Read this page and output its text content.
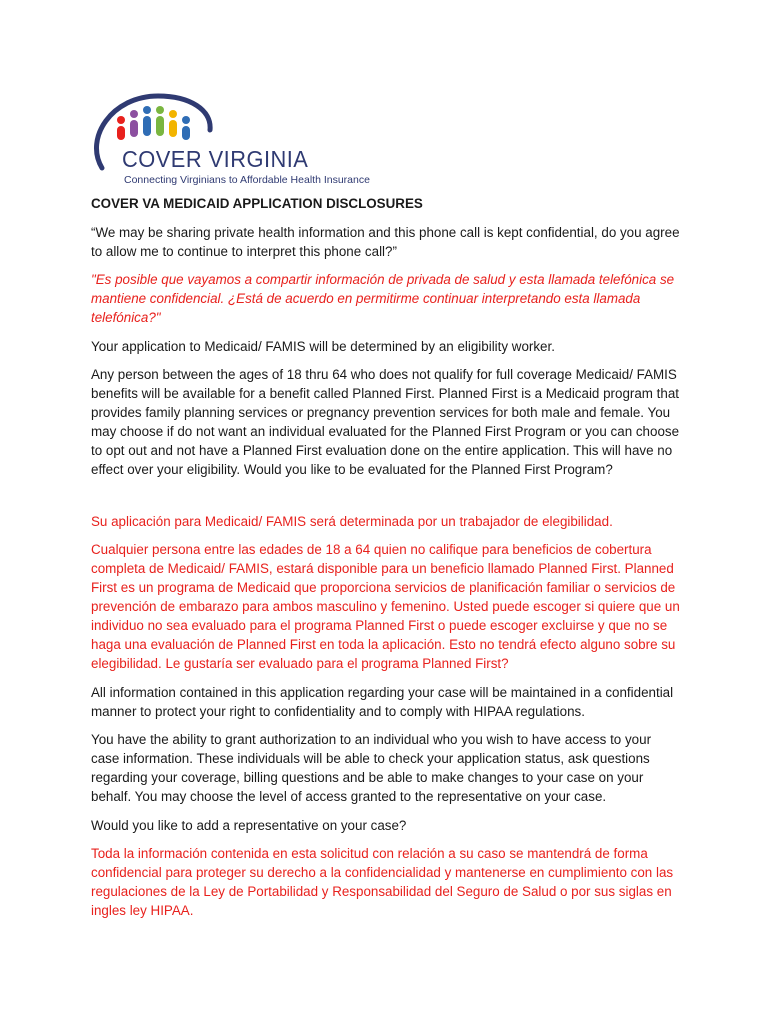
COVER VIRGINIA
Connecting Virginians to Affordable Health Insurance

COVER VA MEDICAID APPLICATION DISCLOSURES

“We may be sharing private health information and this phone call is kept confidential, do you agree to allow me to continue to interpret this phone call?”

"Es posible que vayamos a compartir información de privada de salud y esta llamada telefónica se mantiene confidencial. ¿Está de acuerdo en permitirme continuar interpretando esta llamada telefónica?"

Your application to Medicaid/ FAMIS will be determined by an eligibility worker.

Any person between the ages of 18 thru 64 who does not qualify for full coverage Medicaid/ FAMIS benefits will be available for a benefit called Planned First. Planned First is a Medicaid program that provides family planning services or pregnancy prevention services for both male and female. You may choose if do not want an individual evaluated for the Planned First Program or you can choose to opt out and not have a Planned First evaluation done on the entire application. This will have no effect over your eligibility. Would you like to be evaluated for the Planned First Program?

Su aplicación para Medicaid/ FAMIS será determinada por un trabajador de elegibilidad.

Cualquier persona entre las edades de 18 a 64 quien no califique para beneficios de cobertura completa de Medicaid/ FAMIS, estará disponible para un beneficio llamado Planned First. Planned First es un programa de Medicaid que proporciona servicios de planificación familiar o servicios de prevención de embarazo para ambos masculino y femenino. Usted puede escoger si quiere que un individuo no sea evaluado para el programa Planned First o puede escoger excluirse y que no se haga una evaluación de Planned First en toda la aplicación. Esto no tendrá efecto alguno sobre su elegibilidad. Le gustaría ser evaluado para el programa Planned First?

All information contained in this application regarding your case will be maintained in a confidential manner to protect your right to confidentiality and to comply with HIPAA regulations.

You have the ability to grant authorization to an individual who you wish to have access to your case information. These individuals will be able to check your application status, ask questions regarding your coverage, billing questions and be able to make changes to your case on your behalf. You may choose the level of access granted to the representative on your case.

Would you like to add a representative on your case?

Toda la información contenida en esta solicitud con relación a su caso se mantendrá de forma confidencial para proteger su derecho a la confidencialidad y mantenerse en cumplimiento con las regulaciones de la Ley de Portabilidad y Responsabilidad del Seguro de Salud o por sus siglas en ingles ley HIPAA.
